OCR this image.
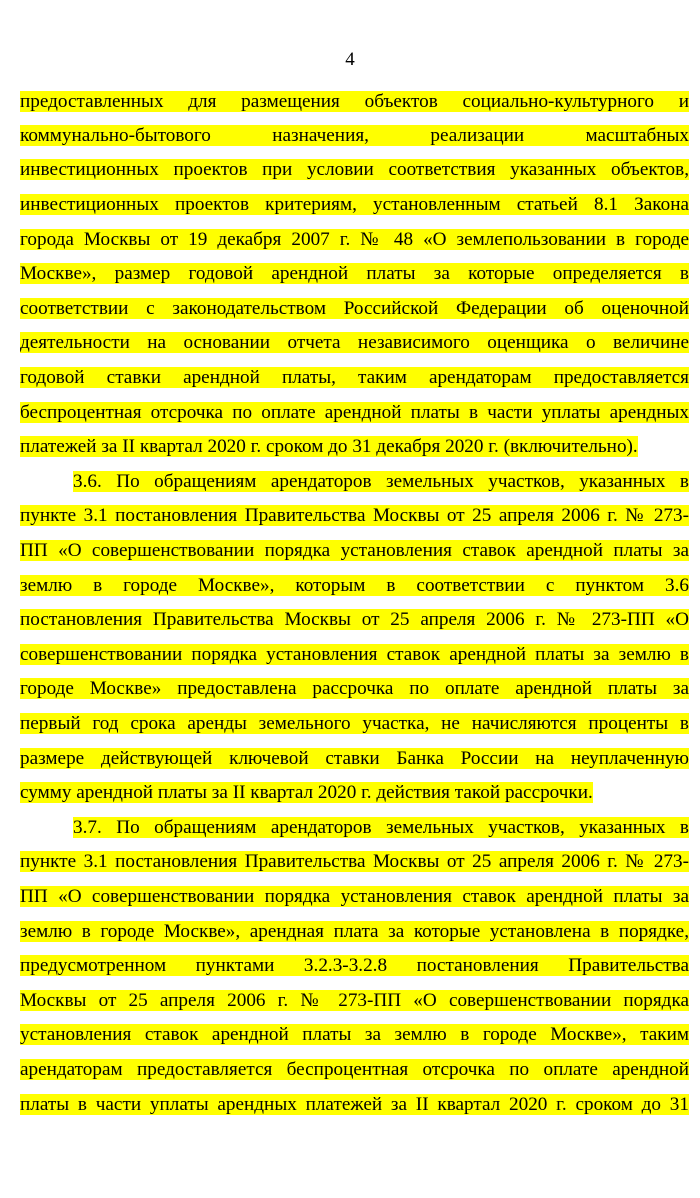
4
предоставленных для размещения объектов социально-культурного и
коммунально-бытового назначения, реализации масштабных
инвестиционных проектов при условии соответствия указанных объектов,
инвестиционных проектов критериям, установленным статьей 8.1 Закона
города Москвы от 19 декабря 2007 г. № 48 «О землепользовании в городе
Москве», размер годовой арендной платы за которые определяется в
соответствии с законодательством Российской Федерации об оценочной
деятельности на основании отчета независимого оценщика о величине
годовой ставки арендной платы, таким арендаторам предоставляется
беспроцентная отсрочка по оплате арендной платы в части уплаты арендных
платежей за II квартал 2020 г. сроком до 31 декабря 2020 г. (включительно).
3.6. По обращениям арендаторов земельных участков, указанных в
пункте 3.1 постановления Правительства Москвы от 25 апреля 2006 г. № 273-
ПП «О совершенствовании порядка установления ставок арендной платы за
землю в городе Москве», которым в соответствии с пунктом 3.6
постановления Правительства Москвы от 25 апреля 2006 г. № 273-ПП «О
совершенствовании порядка установления ставок арендной платы за землю в
городе Москве» предоставлена рассрочка по оплате арендной платы за
первый год срока аренды земельного участка, не начисляются проценты в
размере действующей ключевой ставки Банка России на неуплаченную
сумму арендной платы за II квартал 2020 г. действия такой рассрочки.
3.7. По обращениям арендаторов земельных участков, указанных в
пункте 3.1 постановления Правительства Москвы от 25 апреля 2006 г. № 273-
ПП «О совершенствовании порядка установления ставок арендной платы за
землю в городе Москве», арендная плата за которые установлена в порядке,
предусмотренном пунктами 3.2.3-3.2.8 постановления Правительства
Москвы от 25 апреля 2006 г. № 273-ПП «О совершенствовании порядка
установления ставок арендной платы за землю в городе Москве», таким
арендаторам предоставляется беспроцентная отсрочка по оплате арендной
платы в части уплаты арендных платежей за II квартал 2020 г. сроком до 31
